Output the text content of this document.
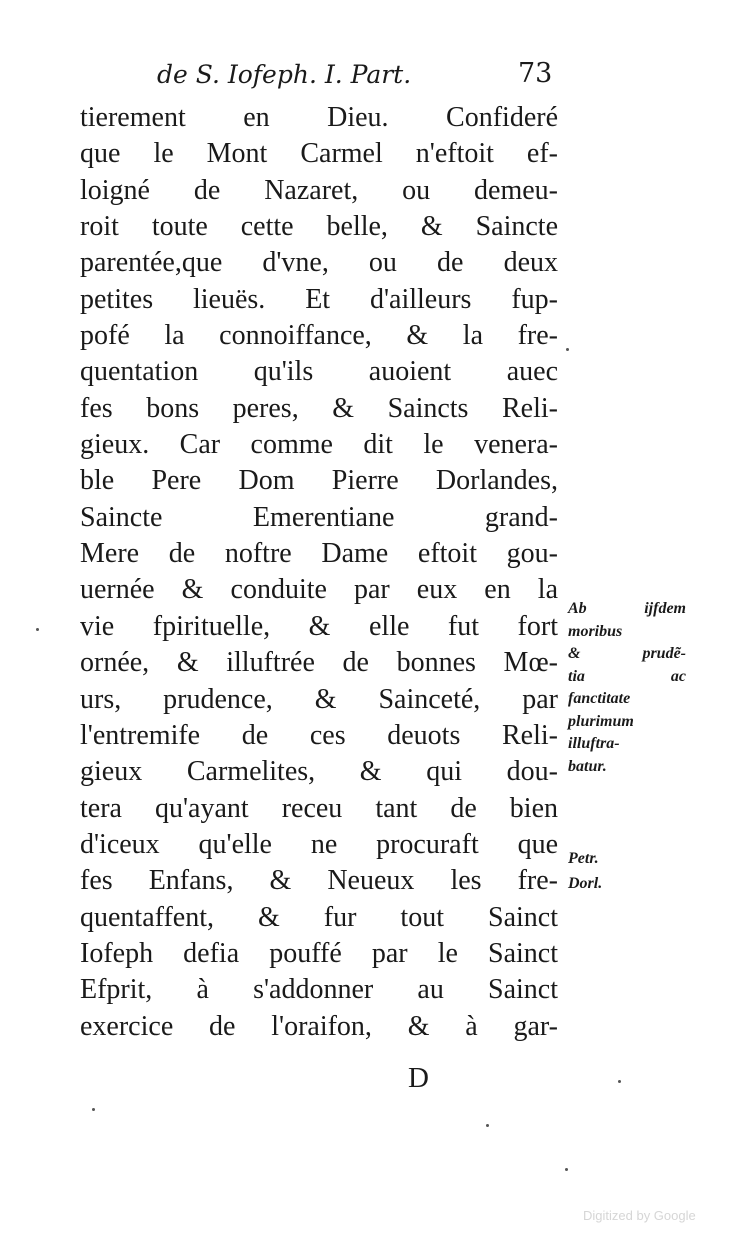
de S. Iofeph. I. Part.	73
tierement en Dieu. Confideré
que le Mont Carmel n'eftoit ef-
loigné de Nazaret, ou demeu-
roit toute cette belle, & Saincte
parentée,que d'vne, ou de deux
petites lieuës. Et d'ailleurs fup-
pofé la connoiffance, & la fre-
quentation qu'ils auoient auec
fes bons peres, & Saincts Reli-
gieux. Car comme dit le venera-
ble Pere Dom Pierre Dorlandes,
Saincte Emerentiane grand-
Mere de noftre Dame eftoit gou-
uernée & conduite par eux en la
vie fpirituelle, & elle fut fort
ornée, & illuftrée de bonnes Mœ-
urs, prudence, & Sainceté, par
l'entremife de ces deuots Reli-
gieux Carmelites, & qui dou-
tera qu'ayant receu tant de bien
d'iceux qu'elle ne procuraft que
fes Enfans, & Neueux les fre-
quentaffent, & fur tout Sainct
Iofeph defia pouffé par le Sainct
Efprit, à s'addonner au Sainct
exercice de l'oraifon, & à gar-
Ab ijfdem
moribus
& prudẽ-
tia ac
fanctitate
plurimum
illuftra-
batur.
Petr.
Dorl.
D
Digitized by Google
